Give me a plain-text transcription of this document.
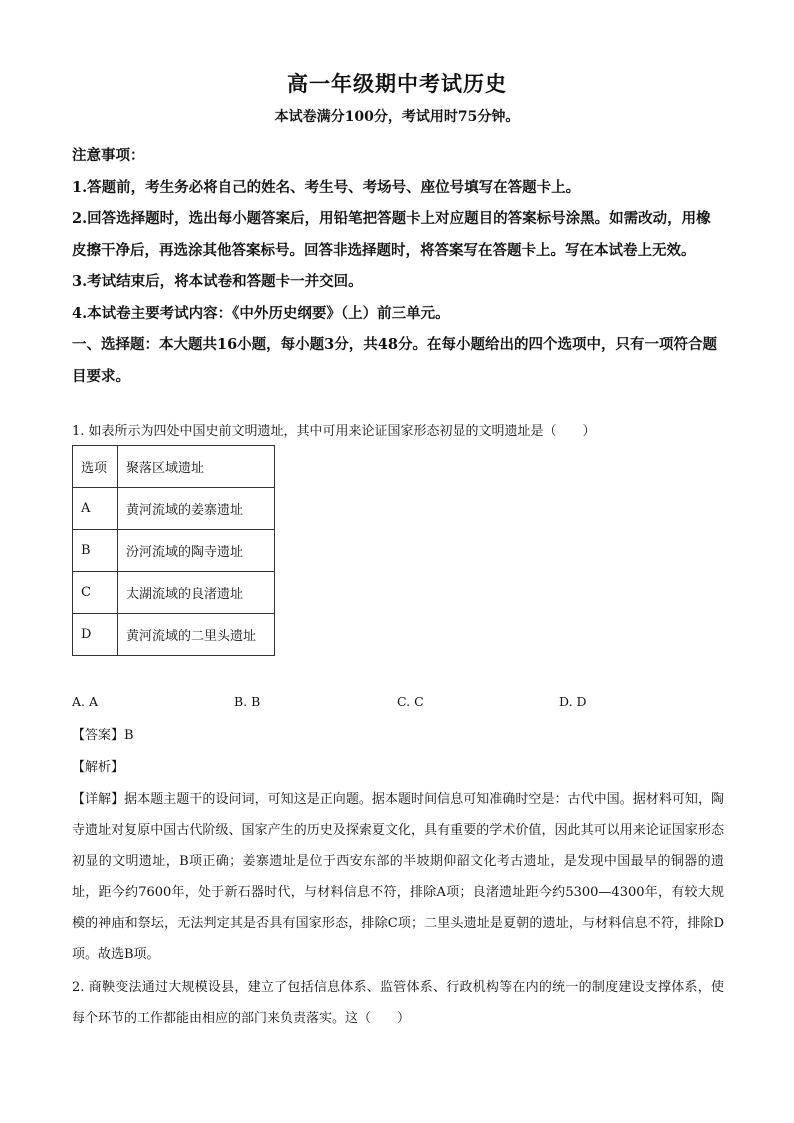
高一年级期中考试历史
本试卷满分100分，考试用时75分钟。

注意事项：

1.答题前，考生务必将自己的姓名、考生号、考场号、座位号填写在答题卡上。

2.回答选择题时，选出每小题答案后，用铅笔把答题卡上对应题目的答案标号涂黑。如需改动，用橡皮擦干净后，再选涂其他答案标号。回答非选择题时，将答案写在答题卡上。写在本试卷上无效。

3.考试结束后，将本试卷和答题卡一并交回。

4.本试卷主要考试内容：《中外历史纲要》（上）前三单元。

一、选择题：本大题共16小题，每小题3分，共48分。在每小题给出的四个选项中，只有一项符合题目要求。

1. 如表所示为四处中国史前文明遗址，其中可用来论证国家形态初显的文明遗址是（　　）
选项	聚落区域遗址
A	黄河流域的姜寨遗址
B	汾河流域的陶寺遗址
C	太湖流域的良渚遗址
D	黄河流域的二里头遗址
A. A	B. B	C. C	D. D
【答案】B
【解析】
【详解】据本题主题干的设问词，可知这是正向题。据本题时间信息可知准确时空是：古代中国。据材料可知，陶寺遗址对复原中国古代阶级、国家产生的历史及探索夏文化，具有重要的学术价值，因此其可以用来论证国家形态初显的文明遗址，B项正确；姜寨遗址是位于西安东部的半坡期仰韶文化考古遗址，是发现中国最早的铜器的遗址，距今约7600年，处于新石器时代，与材料信息不符，排除A项；良渚遗址距今约5300—4300年，有较大规模的神庙和祭坛，无法判定其是否具有国家形态，排除C项；二里头遗址是夏朝的遗址，与材料信息不符，排除D项。故选B项。
2. 商鞅变法通过大规模设县，建立了包括信息体系、监管体系、行政机构等在内的统一的制度建设支撑体系，使每个环节的工作都能由相应的部门来负责落实。这（　　）
